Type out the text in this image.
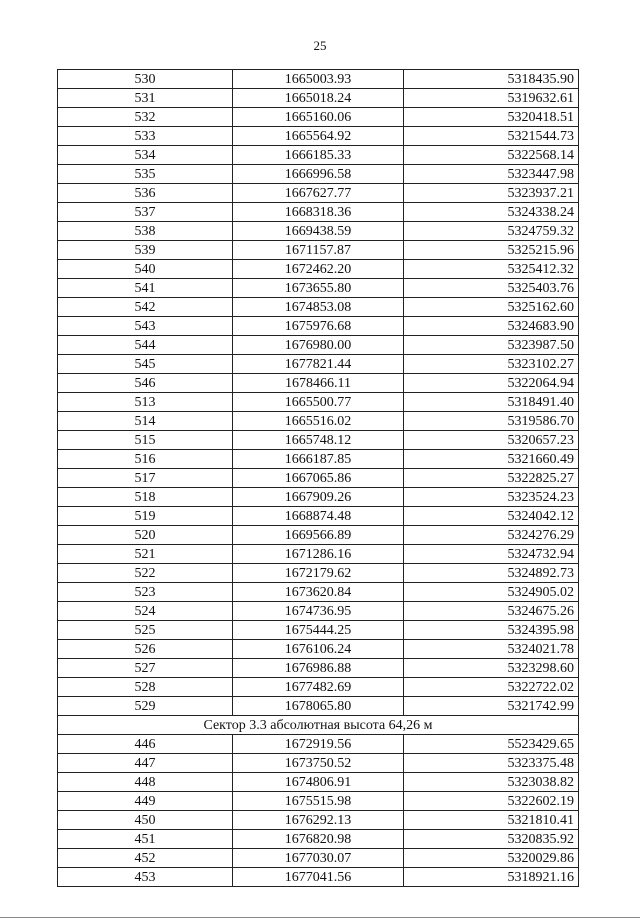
25
530	1665003.93	5318435.90
531	1665018.24	5319632.61
532	1665160.06	5320418.51
533	1665564.92	5321544.73
534	1666185.33	5322568.14
535	1666996.58	5323447.98
536	1667627.77	5323937.21
537	1668318.36	5324338.24
538	1669438.59	5324759.32
539	1671157.87	5325215.96
540	1672462.20	5325412.32
541	1673655.80	5325403.76
542	1674853.08	5325162.60
543	1675976.68	5324683.90
544	1676980.00	5323987.50
545	1677821.44	5323102.27
546	1678466.11	5322064.94
513	1665500.77	5318491.40
514	1665516.02	5319586.70
515	1665748.12	5320657.23
516	1666187.85	5321660.49
517	1667065.86	5322825.27
518	1667909.26	5323524.23
519	1668874.48	5324042.12
520	1669566.89	5324276.29
521	1671286.16	5324732.94
522	1672179.62	5324892.73
523	1673620.84	5324905.02
524	1674736.95	5324675.26
525	1675444.25	5324395.98
526	1676106.24	5324021.78
527	1676986.88	5323298.60
528	1677482.69	5322722.02
529	1678065.80	5321742.99
Сектор 3.3 абсолютная высота 64,26 м		
446	1672919.56	5523429.65
447	1673750.52	5323375.48
448	1674806.91	5323038.82
449	1675515.98	5322602.19
450	1676292.13	5321810.41
451	1676820.98	5320835.92
452	1677030.07	5320029.86
453	1677041.56	5318921.16
